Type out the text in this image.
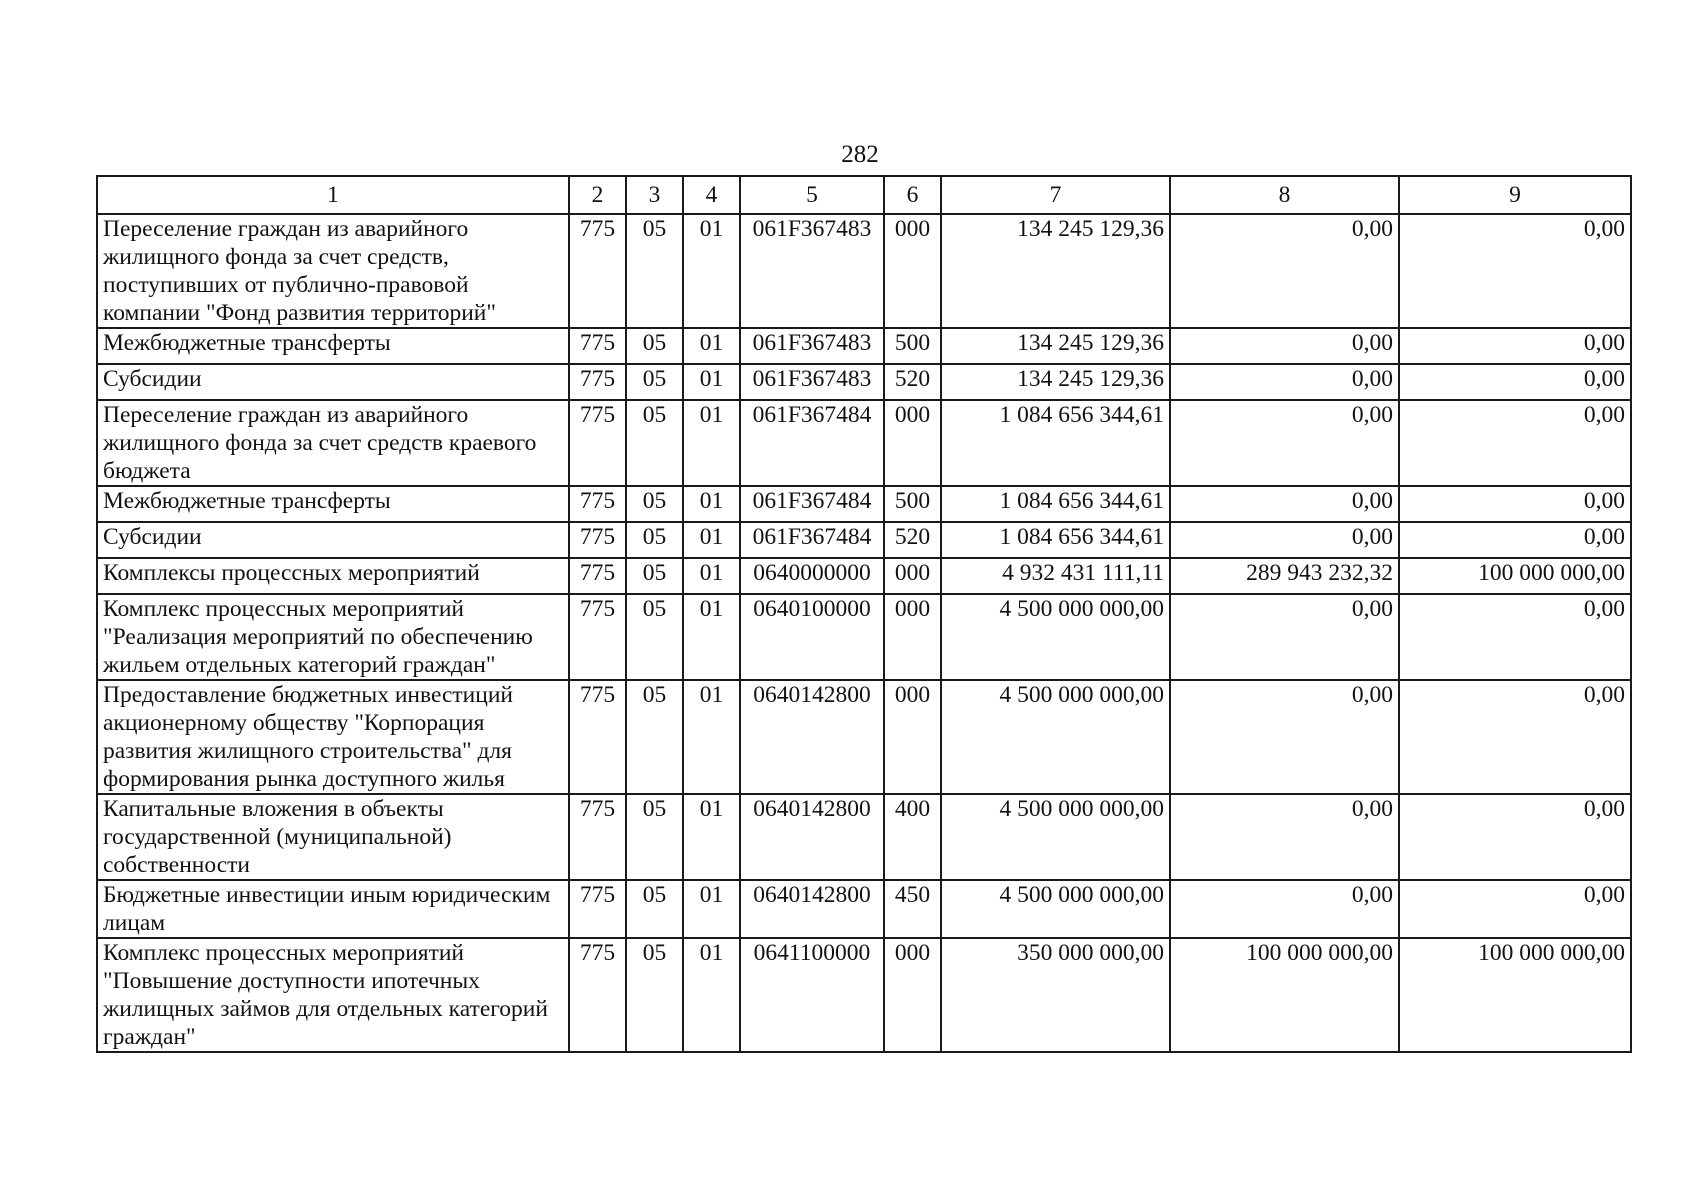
282
1	2	3	4	5	6	7	8	9
Переселение граждан из аварийного жилищного фонда за счет средств, поступивших от публично-правовой компании "Фонд развития территорий"	775	05	01	061F367483	000	134 245 129,36	0,00	0,00
Межбюджетные трансферты	775	05	01	061F367483	500	134 245 129,36	0,00	0,00
Субсидии	775	05	01	061F367483	520	134 245 129,36	0,00	0,00
Переселение граждан из аварийного жилищного фонда за счет средств краевого бюджета	775	05	01	061F367484	000	1 084 656 344,61	0,00	0,00
Межбюджетные трансферты	775	05	01	061F367484	500	1 084 656 344,61	0,00	0,00
Субсидии	775	05	01	061F367484	520	1 084 656 344,61	0,00	0,00
Комплексы процессных мероприятий	775	05	01	0640000000	000	4 932 431 111,11	289 943 232,32	100 000 000,00
Комплекс процессных мероприятий "Реализация мероприятий по обеспечению жильем отдельных категорий граждан"	775	05	01	0640100000	000	4 500 000 000,00	0,00	0,00
Предоставление бюджетных инвестиций акционерному обществу "Корпорация развития жилищного строительства" для формирования рынка доступного жилья	775	05	01	0640142800	000	4 500 000 000,00	0,00	0,00
Капитальные вложения в объекты государственной (муниципальной) собственности	775	05	01	0640142800	400	4 500 000 000,00	0,00	0,00
Бюджетные инвестиции иным юридическим лицам	775	05	01	0640142800	450	4 500 000 000,00	0,00	0,00
Комплекс процессных мероприятий "Повышение доступности ипотечных жилищных займов для отдельных категорий граждан"	775	05	01	0641100000	000	350 000 000,00	100 000 000,00	100 000 000,00
